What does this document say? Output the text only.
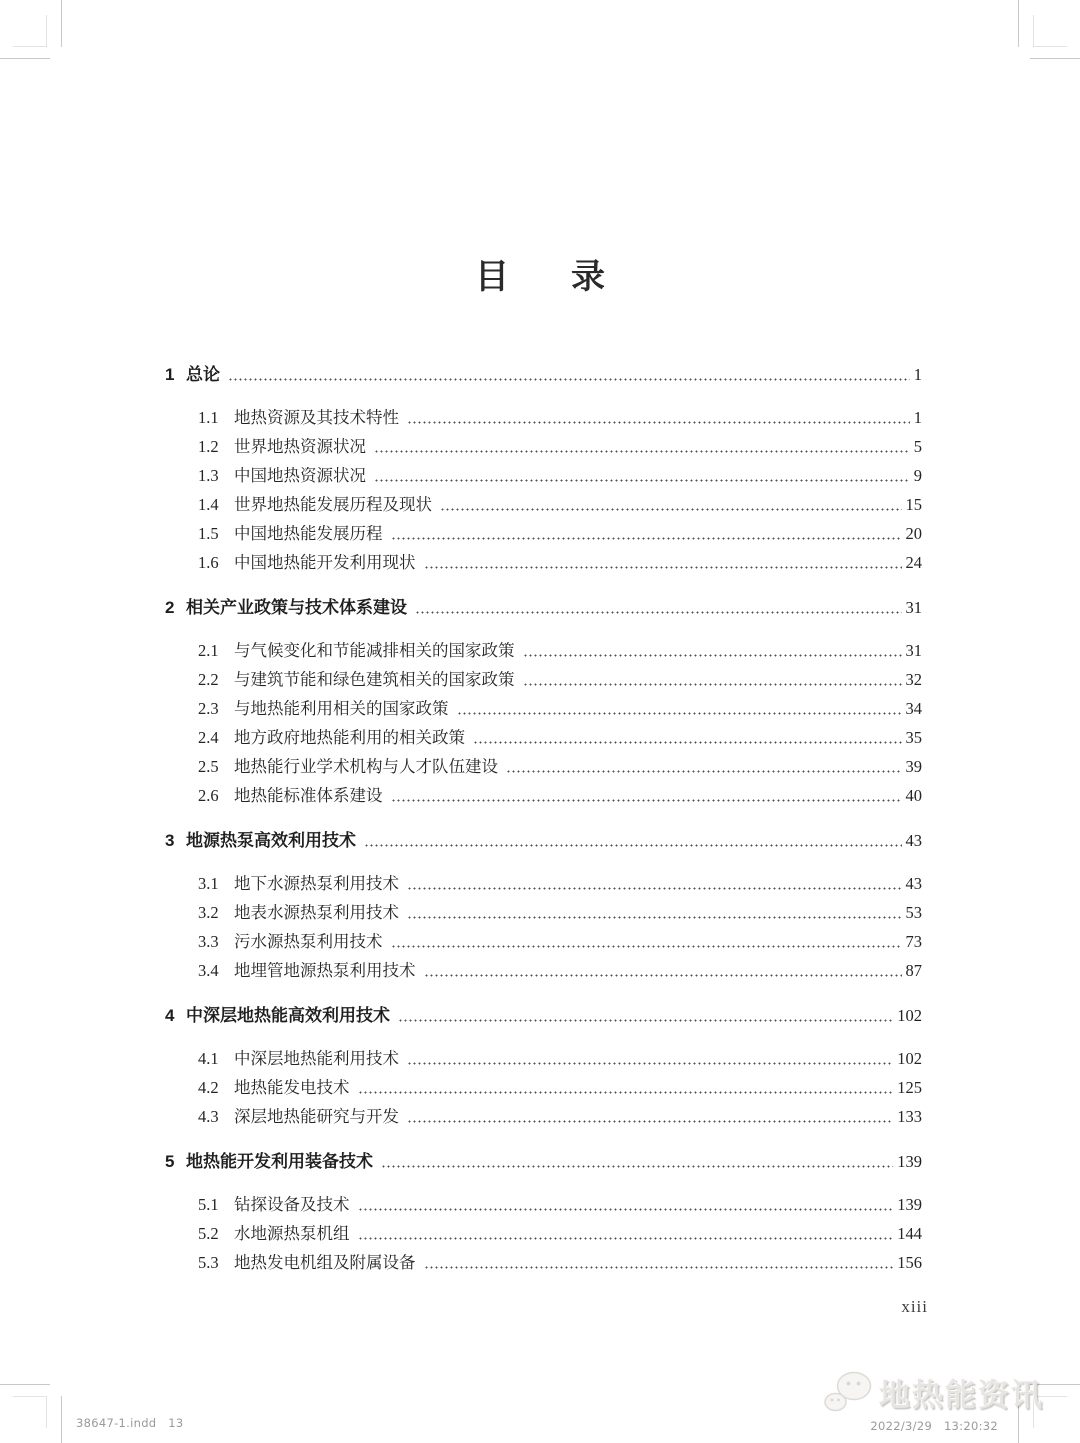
目录
1 总论	1
1.1 地热资源及其技术特性	1
1.2 世界地热资源状况	5
1.3 中国地热资源状况	9
1.4 世界地热能发展历程及现状	15
1.5 中国地热能发展历程	20
1.6 中国地热能开发利用现状	24
2 相关产业政策与技术体系建设	31
2.1 与气候变化和节能减排相关的国家政策	31
2.2 与建筑节能和绿色建筑相关的国家政策	32
2.3 与地热能利用相关的国家政策	34
2.4 地方政府地热能利用的相关政策	35
2.5 地热能行业学术机构与人才队伍建设	39
2.6 地热能标准体系建设	40
3 地源热泵高效利用技术	43
3.1 地下水源热泵利用技术	43
3.2 地表水源热泵利用技术	53
3.3 污水源热泵利用技术	73
3.4 地埋管地源热泵利用技术	87
4 中深层地热能高效利用技术	102
4.1 中深层地热能利用技术	102
4.2 地热能发电技术	125
4.3 深层地热能研究与开发	133
5 地热能开发利用装备技术	139
5.1 钻探设备及技术	139
5.2 水地源热泵机组	144
5.3 地热发电机组及附属设备	156
xiii
38647-1.indd   13	2022/3/29   13:20:32
地热能资讯
